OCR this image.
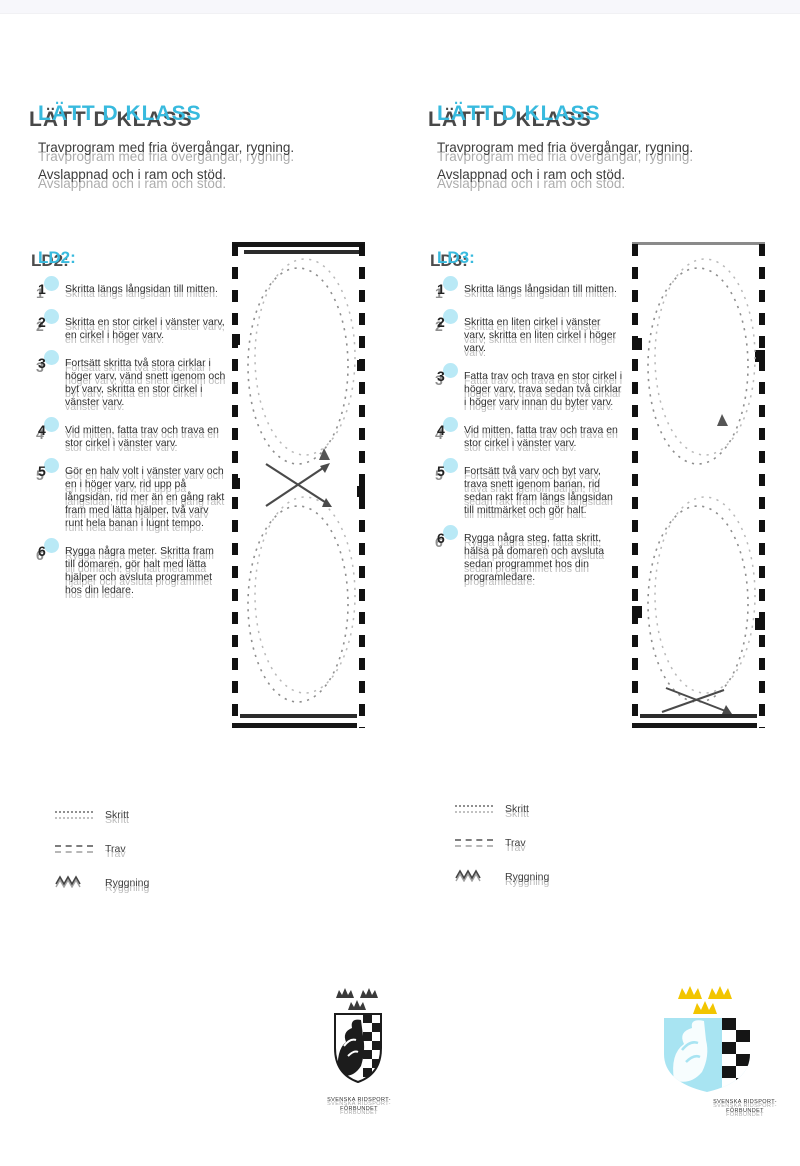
LÄTT D KLASS
Travprogram med fria övergångar, rygning.
Avslappnad och i ram och stöd.
LD2:
1 Skritta längs långsidan till mitten.
2 Skritta en stor cirkel i vänster varv, en cirkel i höger varv.
3 Fortsätt skritta två stora cirklar i höger varv, vänd snett igenom och byt varv, skritta en stor cirkel i vänster varv.
4 Vid mitten, fatta trav och trava en stor cirkel i vänster varv.
5 Gör en halv volt i vänster varv och en i höger varv, rid upp på långsidan, rid mer än en gång rakt fram med lätta hjälper, två varv runt hela banan i lugnt tempo.
6 Rygga några meter. Skritta fram till domaren, gör halt med lätta hjälper och avsluta programmet hos din ledare.
Skritt
Trav
Ryggning
SVENSKA RIDSPORT-
FÖRBUNDET
LÄTT D KLASS
Travprogram med fria övergångar, rygning.
Avslappnad och i ram och stöd.
LD3:
1 Skritta längs långsidan till mitten.
2 Skritta en liten cirkel i vänster varv, skritta en liten cirkel i höger varv.
3 Fatta trav och trava en stor cirkel i höger varv, trava sedan två cirklar i höger varv innan du byter varv.
4 Vid mitten, fatta trav och trava en stor cirkel i vänster varv.
5 Fortsätt två varv och byt varv, trava snett igenom banan, rid sedan rakt fram längs långsidan till mittmärket och gör halt.
6 Rygga några steg, fatta skritt, hälsa på domaren och avsluta sedan programmet hos din programledare.
Skritt
Trav
Ryggning
SVENSKA RIDSPORT-
FÖRBUNDET
